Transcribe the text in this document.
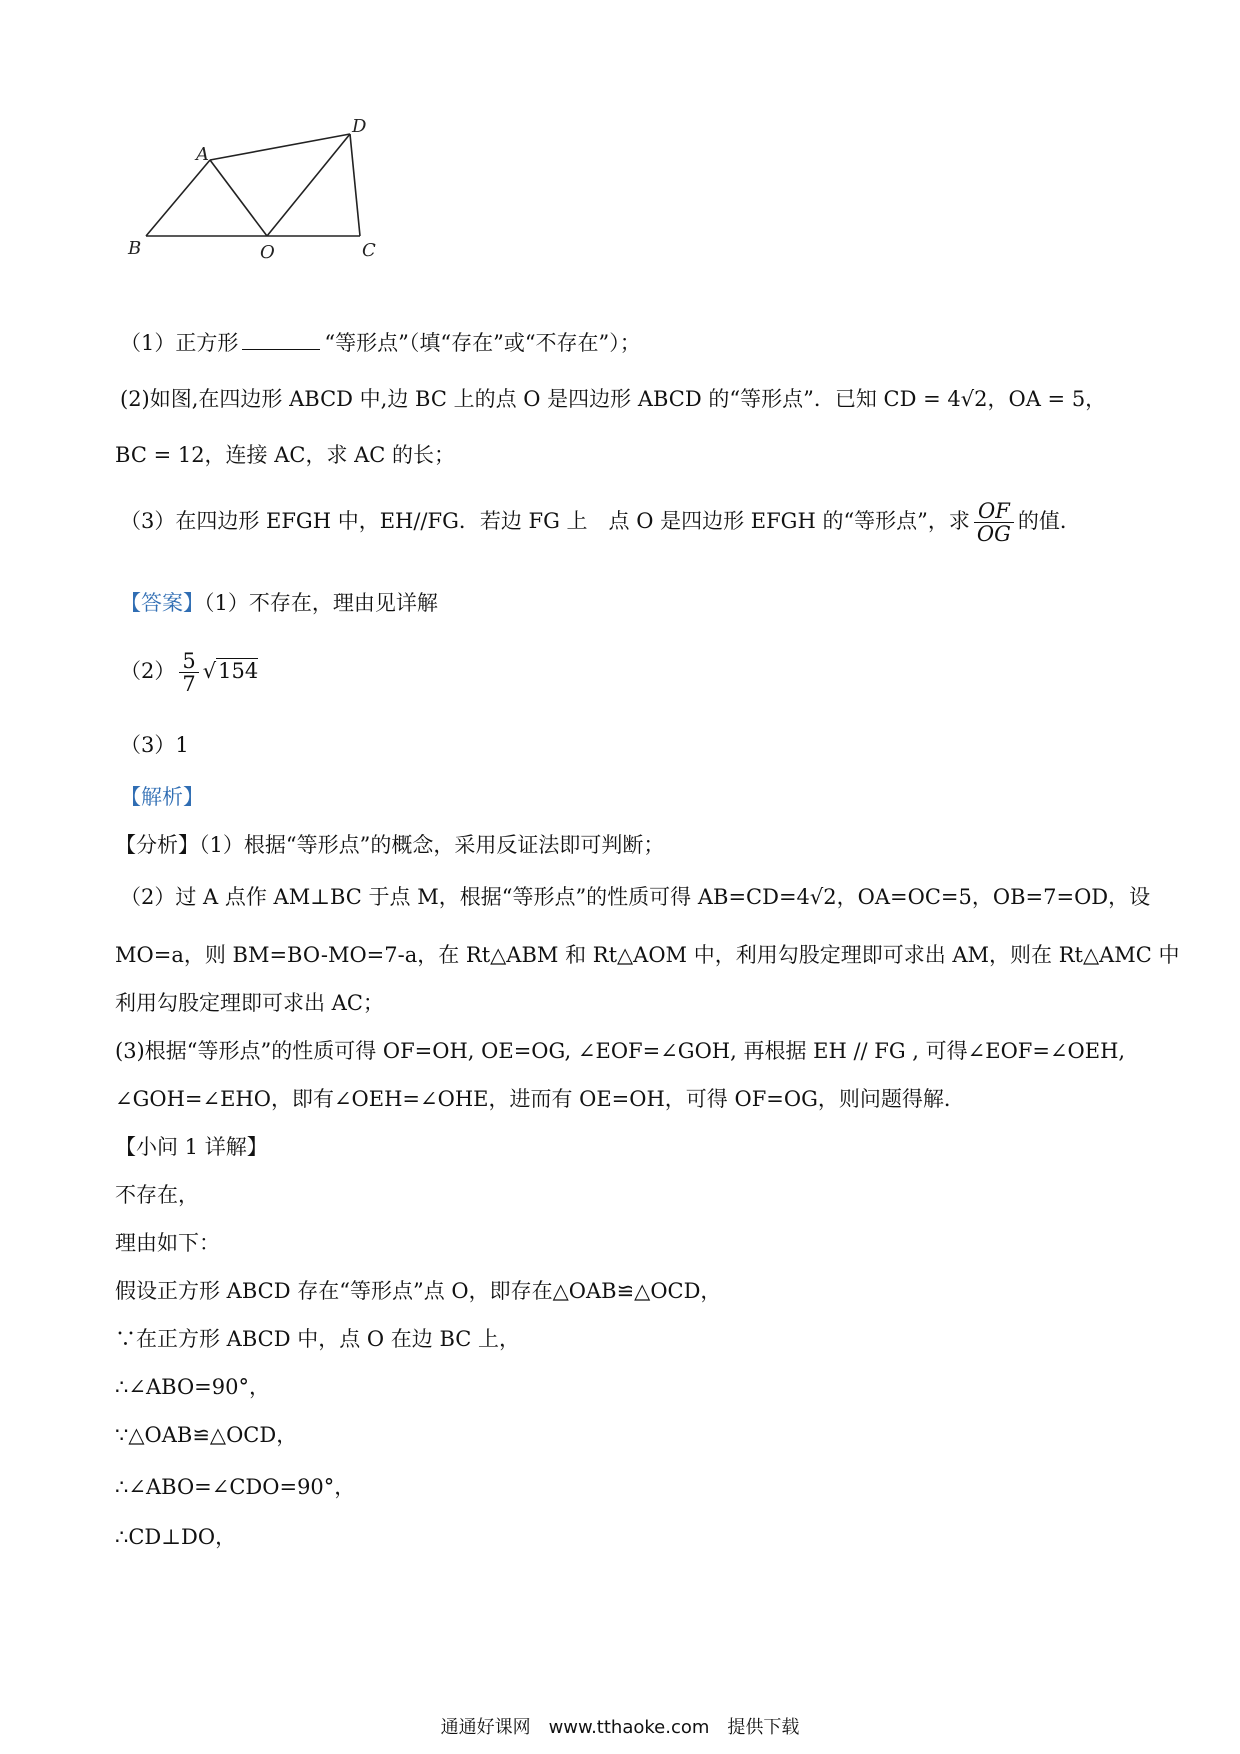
A
B	O	C
D
（1）正方形	“等形点”（填“存在”或“不存在”）；
(2)如图,在四边形 ABCD 中,边 BC 上的点 O 是四边形 ABCD 的“等形点”．已知 CD = 4√2，OA = 5，
BC = 12，连接 AC，求 AC 的长；
（3）在四边形 EFGH 中，EH//FG．若边 FG 上　点 O 是四边形 EFGH 的“等形点”，求 $\frac{OF}{OG}$ 的值．
【答案】（1）不存在，理由见详解
$(2) \frac{5}{7} √154$
（3）1
【解析】
【分析】（1）根据“等形点”的概念，采用反证法即可判断；
（2）过 A 点作 AM⊥BC 于点 M，根据“等形点”的性质可得 AB=CD=4√2，OA=OC=5，OB=7=OD，设
MO=a，则 BM=BO-MO=7-a，在 Rt△ABM 和 Rt△AOM 中，利用勾股定理即可求出 AM，则在 Rt△AMC 中
利用勾股定理即可求出 AC；
(3)根据“等形点”的性质可得 OF=OH, OE=OG, ∠EOF=∠GOH, 再根据 EH // FG , 可得∠EOF=∠OEH,
∠GOH=∠EHO，即有∠OEH=∠OHE，进而有 OE=OH，可得 OF=OG，则问题得解．
【小问 1 详解】
不存在，
理由如下：
假设正方形 ABCD 存在“等形点”点 O，即存在△OAB≌△OCD，
∵在正方形 ABCD 中，点 O 在边 BC 上，
∴∠ABO=90°，
∵△OAB≌△OCD，
∴∠ABO=∠CDO=90°，
∴CD⊥DO，
通通好课网　www.tthaoke.com　提供下载
